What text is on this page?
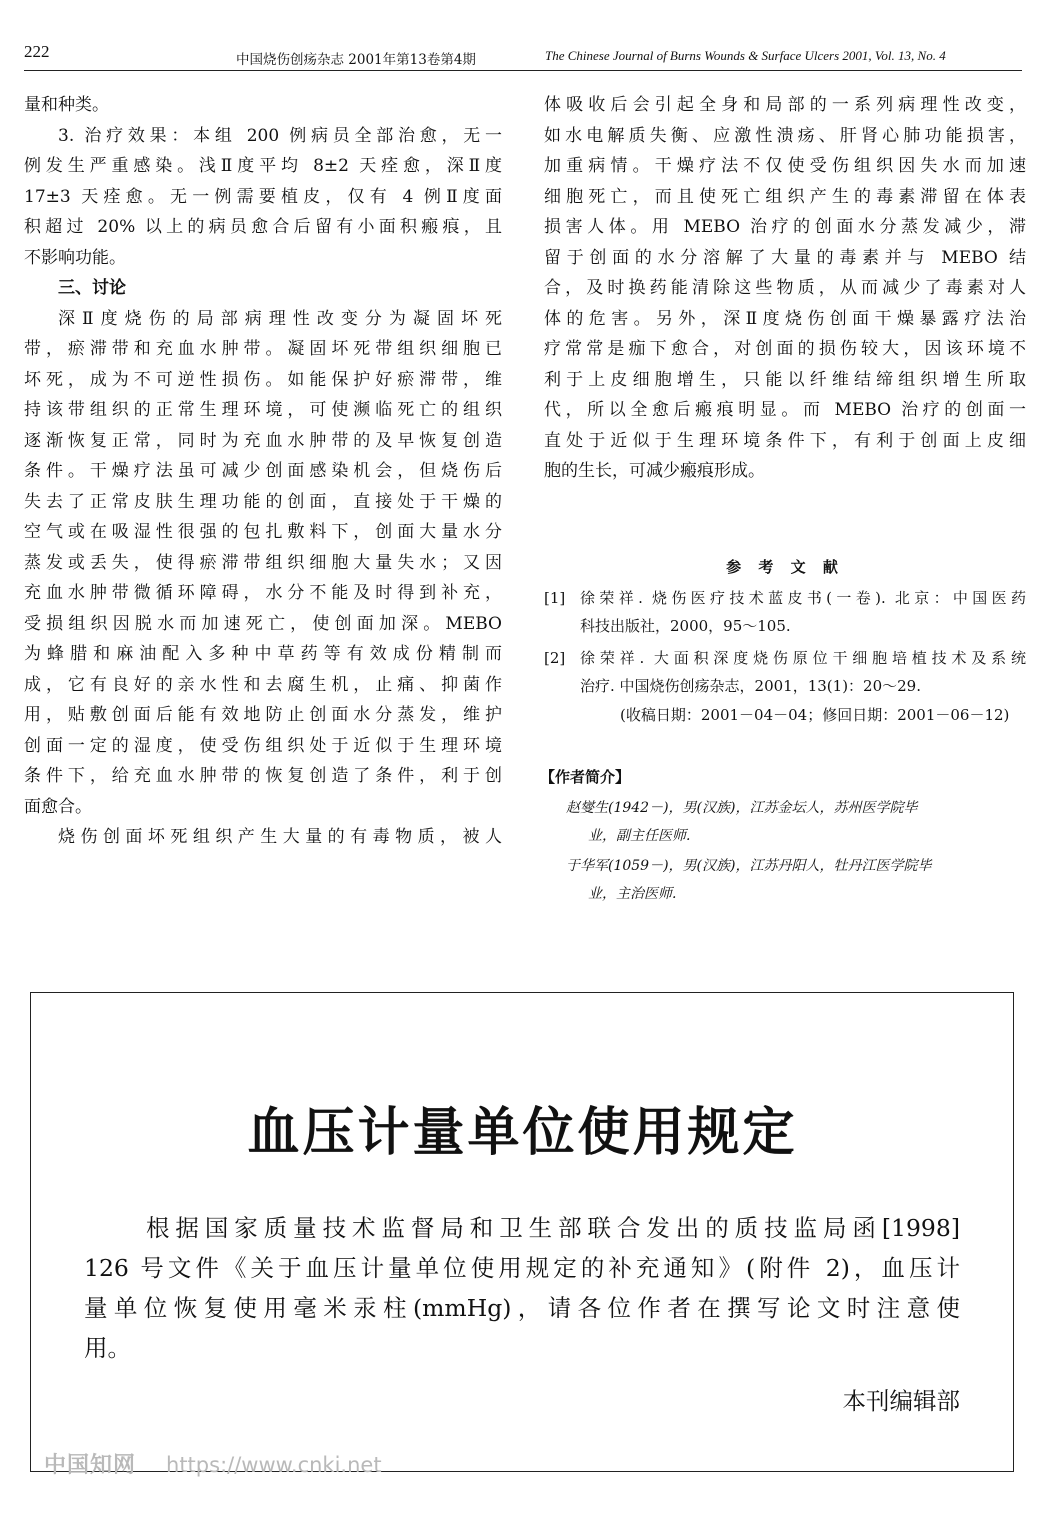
222	中国烧伤创疡杂志 2001年第13卷第4期	The Chinese Journal of Burns Wounds & Surface Ulcers 2001, Vol. 13, No. 4
量和种类。
3. 治疗效果：本组 200 例病员全部治愈，无一
例发生严重感染。浅Ⅱ度平均 8±2 天痊愈，深Ⅱ度
17±3 天痊愈。无一例需要植皮，仅有 4 例Ⅱ度面
积超过 20% 以上的病员愈合后留有小面积瘢痕，且
不影响功能。
三、讨论
深Ⅱ度烧伤的局部病理性改变分为凝固坏死
带，瘀滞带和充血水肿带。凝固坏死带组织细胞已
坏死，成为不可逆性损伤。如能保护好瘀滞带，维
持该带组织的正常生理环境，可使濒临死亡的组织
逐渐恢复正常，同时为充血水肿带的及早恢复创造
条件。干燥疗法虽可减少创面感染机会，但烧伤后
失去了正常皮肤生理功能的创面，直接处于干燥的
空气或在吸湿性很强的包扎敷料下，创面大量水分
蒸发或丢失，使得瘀滞带组织细胞大量失水；又因
充血水肿带微循环障碍，水分不能及时得到补充，
受损组织因脱水而加速死亡，使创面加深。MEBO
为蜂腊和麻油配入多种中草药等有效成份精制而
成，它有良好的亲水性和去腐生机，止痛、抑菌作
用，贴敷创面后能有效地防止创面水分蒸发，维护
创面一定的湿度，使受伤组织处于近似于生理环境
条件下，给充血水肿带的恢复创造了条件，利于创
面愈合。
烧伤创面坏死组织产生大量的有毒物质，被人
体吸收后会引起全身和局部的一系列病理性改变，
如水电解质失衡、应激性溃疡、肝肾心肺功能损害，
加重病情。干燥疗法不仅使受伤组织因失水而加速
细胞死亡，而且使死亡组织产生的毒素滞留在体表
损害人体。用 MEBO 治疗的创面水分蒸发减少，滞
留于创面的水分溶解了大量的毒素并与 MEBO 结
合，及时换药能清除这些物质，从而减少了毒素对人
体的危害。另外，深Ⅱ度烧伤创面干燥暴露疗法治
疗常常是痂下愈合，对创面的损伤较大，因该环境不
利于上皮细胞增生，只能以纤维结缔组织增生所取
代，所以全愈后瘢痕明显。而 MEBO 治疗的创面一
直处于近似于生理环境条件下，有利于创面上皮细
胞的生长，可减少瘢痕形成。
参 考 文 献
[1] 徐荣祥. 烧伤医疗技术蓝皮书(一卷). 北京：中国医药
科技出版社，2000，95～105.
[2] 徐荣祥. 大面积深度烧伤原位干细胞培植技术及系统
治疗. 中国烧伤创疡杂志，2001，13(1)：20～29.
(收稿日期：2001－04－04；修回日期：2001－06－12)
【作者简介】
赵燮生(1942－)，男(汉族)，江苏金坛人，苏州医学院毕
业，副主任医师.
于华军(1059－)，男(汉族)，江苏丹阳人，牡丹江医学院毕
业，主治医师.
血压计量单位使用规定
根据国家质量技术监督局和卫生部联合发出的质技监局函[1998]
126 号文件《关于血压计量单位使用规定的补充通知》(附件 2)，血压计
量单位恢复使用毫米汞柱(mmHg)，请各位作者在撰写论文时注意使
用。
本刊编辑部
中国知网 https://www.cnki.net
